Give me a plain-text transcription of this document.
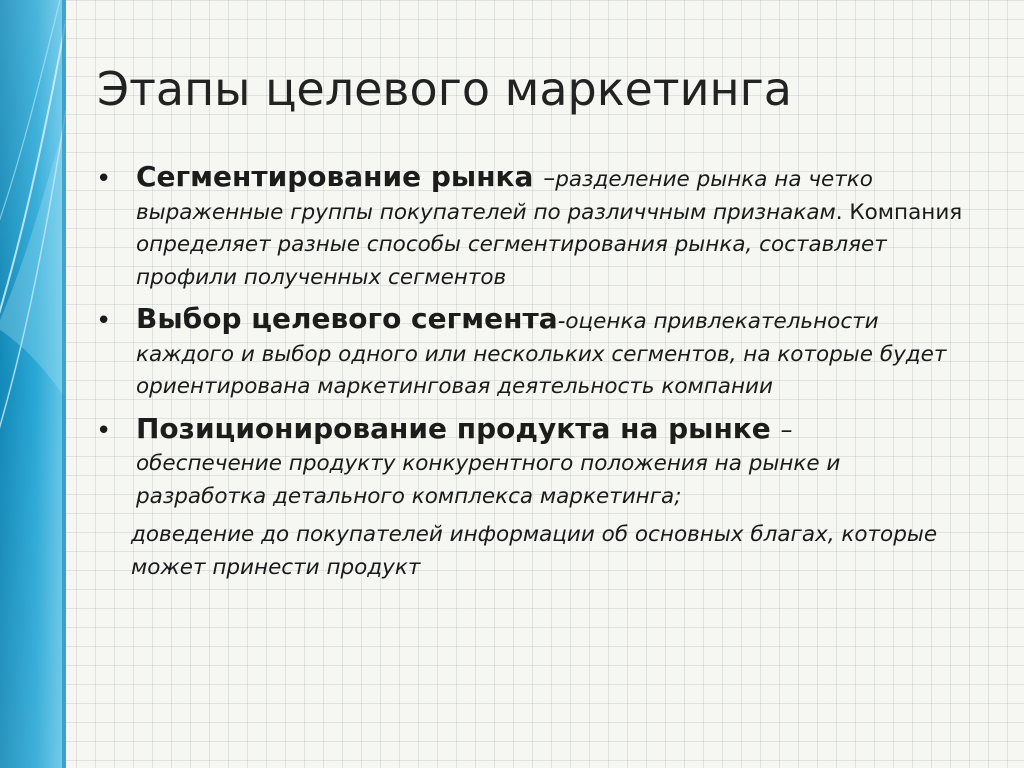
Этапы целевого маркетинга
• Сегментирование рынка –разделение рынка на четко выраженные группы покупателей по различчным признакам. Компания определяет разные способы сегментирования рынка, составляет профили полученных сегментов
• Выбор целевого сегмента-оценка привлекательности каждого и выбор одного или нескольких сегментов, на которые будет ориентирована маркетинговая деятельность компании
• Позиционирование продукта на рынке –
обеспечение продукту конкурентного положения на рынке и разработка детального комплекса маркетинга;
доведение до покупателей информации об основных благах, которые может принести продукт
